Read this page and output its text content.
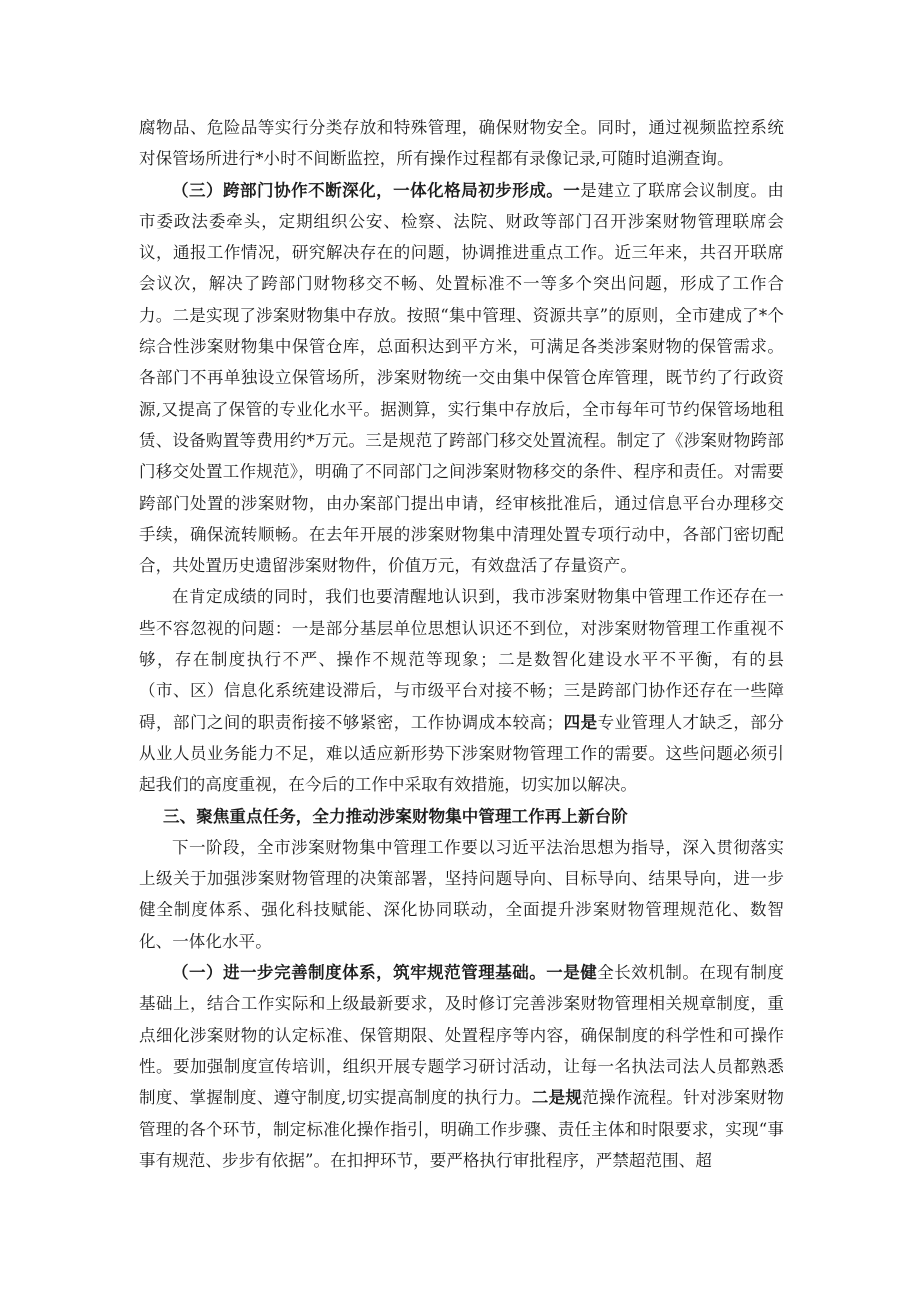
腐物品、危险品等实行分类存放和特殊管理，确保财物安全。同时，通过视频监控系统对保管场所进行*小时不间断监控，所有操作过程都有录像记录,可随时追溯查询。

（三）跨部门协作不断深化，一体化格局初步形成。一是建立了联席会议制度。由市委政法委牵头，定期组织公安、检察、法院、财政等部门召开涉案财物管理联席会议，通报工作情况，研究解决存在的问题，协调推进重点工作。近三年来，共召开联席会议次，解决了跨部门财物移交不畅、处置标准不一等多个突出问题，形成了工作合力。二是实现了涉案财物集中存放。按照“集中管理、资源共享”的原则，全市建成了*个综合性涉案财物集中保管仓库，总面积达到平方米，可满足各类涉案财物的保管需求。各部门不再单独设立保管场所，涉案财物统一交由集中保管仓库管理，既节约了行政资源,又提高了保管的专业化水平。据测算，实行集中存放后，全市每年可节约保管场地租赁、设备购置等费用约*万元。三是规范了跨部门移交处置流程。制定了《涉案财物跨部门移交处置工作规范》，明确了不同部门之间涉案财物移交的条件、程序和责任。对需要跨部门处置的涉案财物，由办案部门提出申请，经审核批准后，通过信息平台办理移交手续，确保流转顺畅。在去年开展的涉案财物集中清理处置专项行动中，各部门密切配合，共处置历史遗留涉案财物件，价值万元，有效盘活了存量资产。

在肯定成绩的同时，我们也要清醒地认识到，我市涉案财物集中管理工作还存在一些不容忽视的问题：一是部分基层单位思想认识还不到位，对涉案财物管理工作重视不够，存在制度执行不严、操作不规范等现象；二是数智化建设水平不平衡，有的县（市、区）信息化系统建设滞后，与市级平台对接不畅；三是跨部门协作还存在一些障碍，部门之间的职责衔接不够紧密，工作协调成本较高；四是专业管理人才缺乏，部分从业人员业务能力不足，难以适应新形势下涉案财物管理工作的需要。这些问题必须引起我们的高度重视，在今后的工作中采取有效措施，切实加以解决。

三、聚焦重点任务，全力推动涉案财物集中管理工作再上新台阶

下一阶段，全市涉案财物集中管理工作要以习近平法治思想为指导，深入贯彻落实上级关于加强涉案财物管理的决策部署，坚持问题导向、目标导向、结果导向，进一步健全制度体系、强化科技赋能、深化协同联动，全面提升涉案财物管理规范化、数智化、一体化水平。

（一）进一步完善制度体系，筑牢规范管理基础。一是健全长效机制。在现有制度基础上，结合工作实际和上级最新要求，及时修订完善涉案财物管理相关规章制度，重点细化涉案财物的认定标准、保管期限、处置程序等内容，确保制度的科学性和可操作性。要加强制度宣传培训，组织开展专题学习研讨活动，让每一名执法司法人员都熟悉制度、掌握制度、遵守制度,切实提高制度的执行力。二是规范操作流程。针对涉案财物管理的各个环节，制定标准化操作指引，明确工作步骤、责任主体和时限要求，实现“事事有规范、步步有依据”。在扣押环节，要严格执行审批程序，严禁超范围、超
